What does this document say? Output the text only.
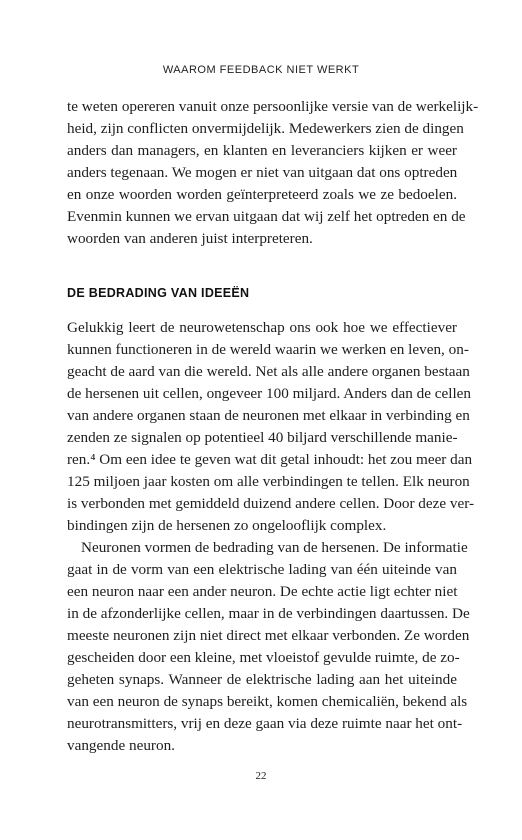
WAAROM FEEDBACK NIET WERKT
te weten opereren vanuit onze persoonlijke versie van de werkelijk-
heid, zijn conflicten onvermijdelijk. Medewerkers zien de dingen
anders dan managers, en klanten en leveranciers kijken er weer
anders tegenaan. We mogen er niet van uitgaan dat ons optreden
en onze woorden worden geïnterpreteerd zoals we ze bedoelen.
Evenmin kunnen we ervan uitgaan dat wij zelf het optreden en de
woorden van anderen juist interpreteren.
DE BEDRADING VAN IDEEËN
Gelukkig leert de neurowetenschap ons ook hoe we effectiever
kunnen functioneren in de wereld waarin we werken en leven, on-
geacht de aard van die wereld. Net als alle andere organen bestaan
de hersenen uit cellen, ongeveer 100 miljard. Anders dan de cellen
van andere organen staan de neuronen met elkaar in verbinding en
zenden ze signalen op potentieel 40 biljard verschillende manie-
ren.⁴ Om een idee te geven wat dit getal inhoudt: het zou meer dan
125 miljoen jaar kosten om alle verbindingen te tellen. Elk neuron
is verbonden met gemiddeld duizend andere cellen. Door deze ver-
bindingen zijn de hersenen zo ongelooflijk complex.
Neuronen vormen de bedrading van de hersenen. De informatie
gaat in de vorm van een elektrische lading van één uiteinde van
een neuron naar een ander neuron. De echte actie ligt echter niet
in de afzonderlijke cellen, maar in de verbindingen daartussen. De
meeste neuronen zijn niet direct met elkaar verbonden. Ze worden
gescheiden door een kleine, met vloeistof gevulde ruimte, de zo-
geheten synaps. Wanneer de elektrische lading aan het uiteinde
van een neuron de synaps bereikt, komen chemicaliën, bekend als
neurotransmitters, vrij en deze gaan via deze ruimte naar het ont-
vangende neuron.
22
